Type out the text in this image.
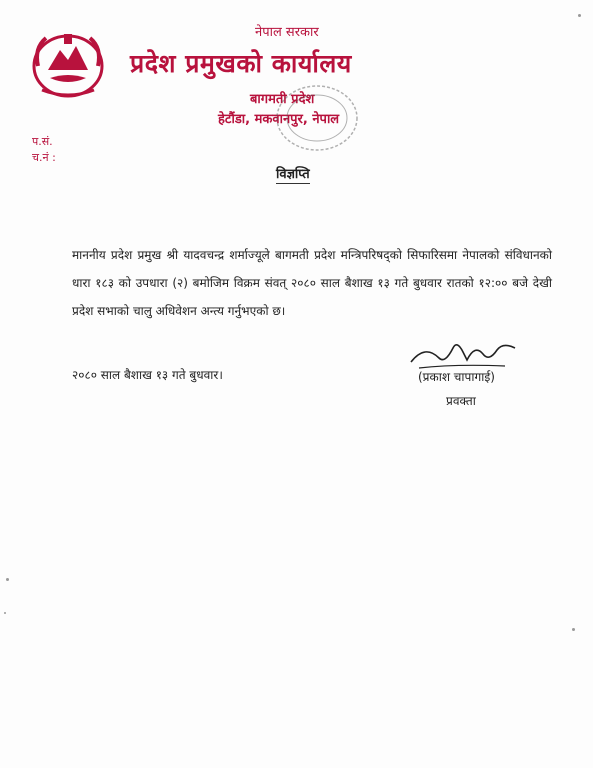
नेपाल सरकार
प्रदेश प्रमुखको कार्यालय
बागमती प्रदेश
हेटौंडा, मकवानपुर, नेपाल
प.सं.
च.नं :
विज्ञप्ति
माननीय प्रदेश प्रमुख श्री यादवचन्द्र शर्माज्यूले बागमती प्रदेश मन्त्रिपरिषद्को सिफारिसमा नेपालको संविधानको धारा १८३ को उपधारा (२) बमोजिम विक्रम संवत् २०८० साल बैशाख १३ गते बुधवार रातको १२:०० बजे देखी प्रदेश सभाको चालु अधिवेशन अन्त्य गर्नुभएको छ।
२०८० साल बैशाख १३ गते बुधवार।	(प्रकाश चापागाई)
प्रवक्ता
